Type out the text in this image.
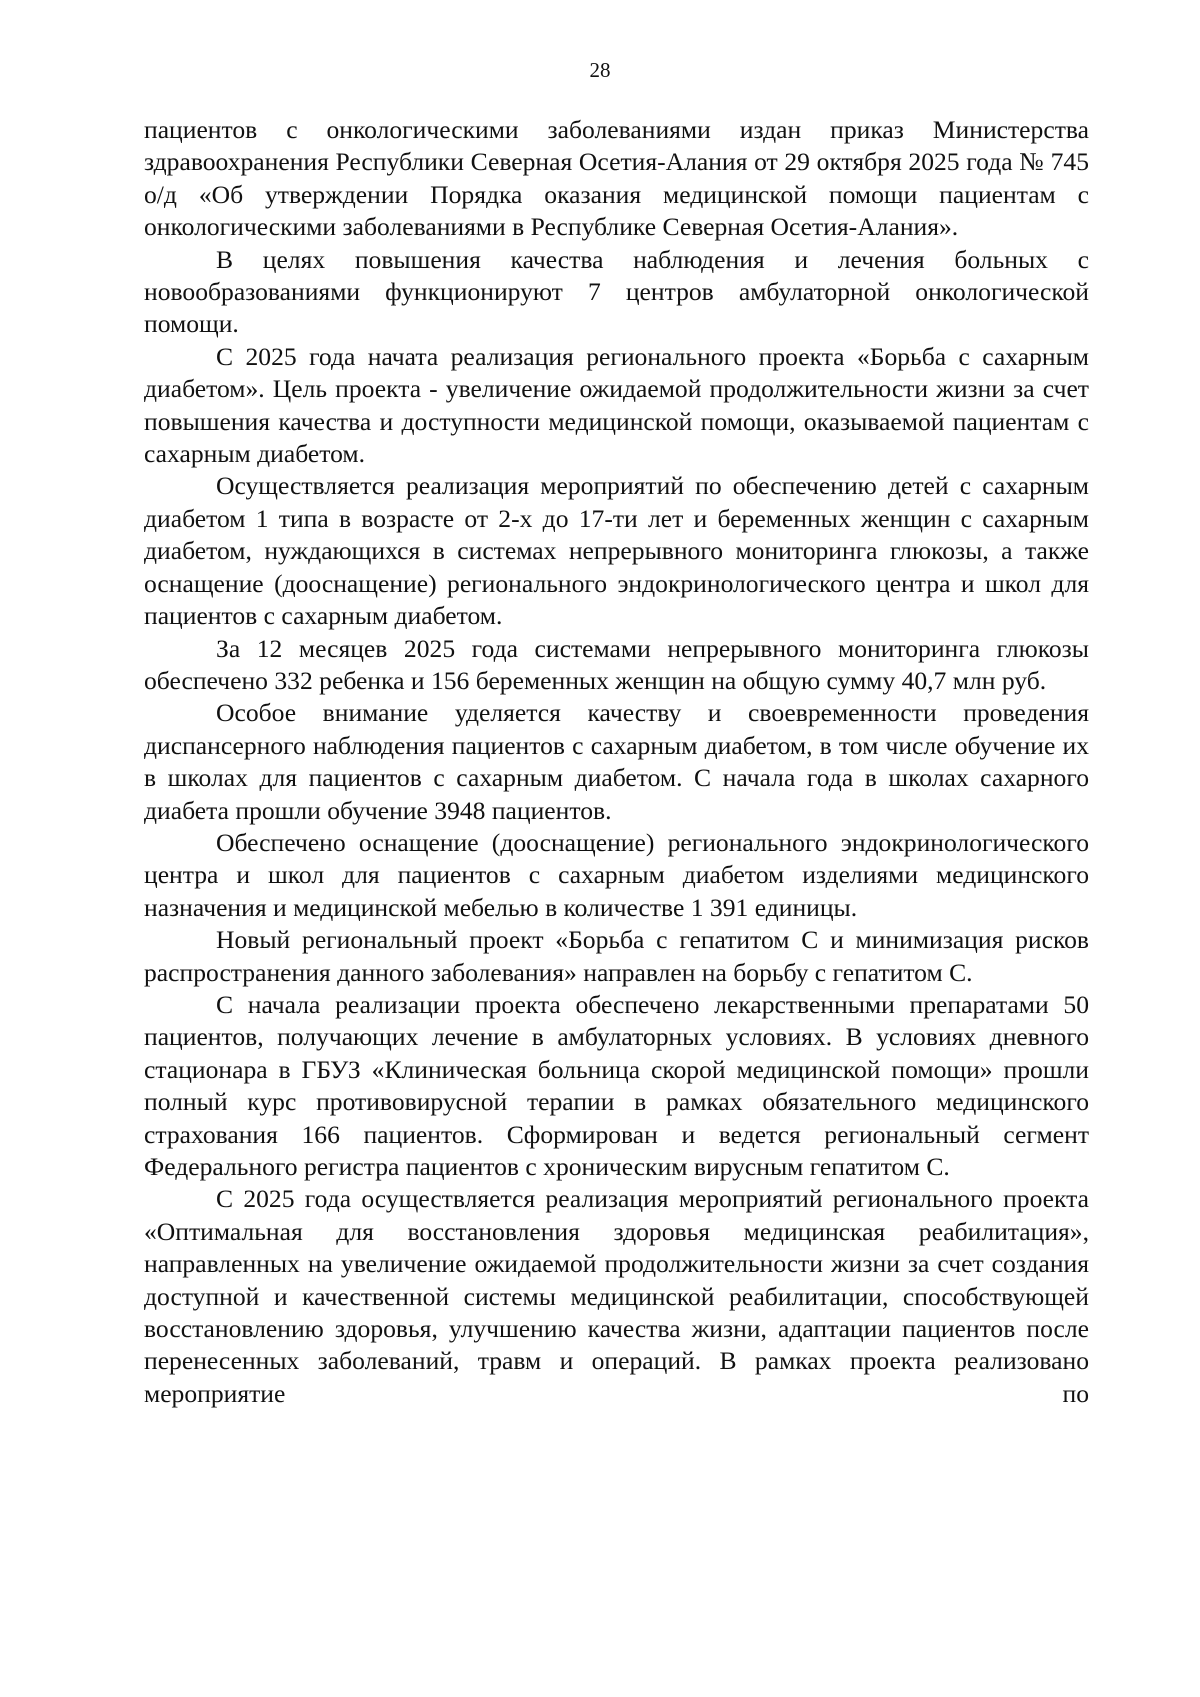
28

пациентов с онкологическими заболеваниями издан приказ Министерства здравоохранения Республики Северная Осетия-Алания от 29 октября 2025 года № 745 о/д «Об утверждении Порядка оказания медицинской помощи пациентам с онкологическими заболеваниями в Республике Северная Осетия-Алания».

В целях повышения качества наблюдения и лечения больных с новообразованиями функционируют 7 центров амбулаторной онкологической помощи.

С 2025 года начата реализация регионального проекта «Борьба с сахарным диабетом». Цель проекта - увеличение ожидаемой продолжительности жизни за счет повышения качества и доступности медицинской помощи, оказываемой пациентам с сахарным диабетом.

Осуществляется реализация мероприятий по обеспечению детей с сахарным диабетом 1 типа в возрасте от 2-х до 17-ти лет и беременных женщин с сахарным диабетом, нуждающихся в системах непрерывного мониторинга глюкозы, а также оснащение (дооснащение) регионального эндокринологического центра и школ для пациентов с сахарным диабетом.

За 12 месяцев 2025 года системами непрерывного мониторинга глюкозы обеспечено 332 ребенка и 156 беременных женщин на общую сумму 40,7 млн руб.

Особое внимание уделяется качеству и своевременности проведения диспансерного наблюдения пациентов с сахарным диабетом, в том числе обучение их в школах для пациентов с сахарным диабетом. С начала года в школах сахарного диабета прошли обучение 3948 пациентов.

Обеспечено оснащение (дооснащение) регионального эндокринологического центра и школ для пациентов с сахарным диабетом изделиями медицинского назначения и медицинской мебелью в количестве 1 391 единицы.

Новый региональный проект «Борьба с гепатитом С и минимизация рисков распространения данного заболевания» направлен на борьбу с гепатитом С.

С начала реализации проекта обеспечено лекарственными препаратами 50 пациентов, получающих лечение в амбулаторных условиях. В условиях дневного стационара в ГБУЗ «Клиническая больница скорой медицинской помощи» прошли полный курс противовирусной терапии в рамках обязательного медицинского страхования 166 пациентов. Сформирован и ведется региональный сегмент Федерального регистра пациентов с хроническим вирусным гепатитом С.

С 2025 года осуществляется реализация мероприятий регионального проекта «Оптимальная для восстановления здоровья медицинская реабилитация», направленных на увеличение ожидаемой продолжительности жизни за счет создания доступной и качественной системы медицинской реабилитации, способствующей восстановлению здоровья, улучшению качества жизни, адаптации пациентов после перенесенных заболеваний, травм и операций. В рамках проекта реализовано мероприятие по
